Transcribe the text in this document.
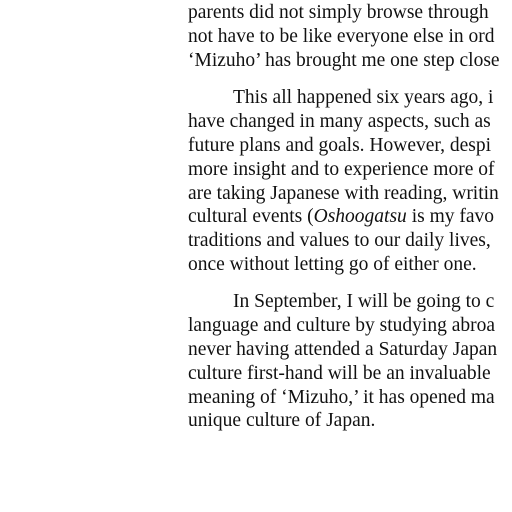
parents did not simply browse through
not have to be like everyone else in ord
‘Mizuho’ has brought me one step close
This all happened six years ago, i
have changed in many aspects, such as
future plans and goals. However, despi
more insight and to experience more of
are taking Japanese with reading, writin
cultural events (Oshoogatsu is my favo
traditions and values to our daily lives,
once without letting go of either one.
In September, I will be going to c
language and culture by studying abroa
never having attended a Saturday Japan
culture first-hand will be an invaluable
meaning of ‘Mizuho,’ it has opened ma
unique culture of Japan.
